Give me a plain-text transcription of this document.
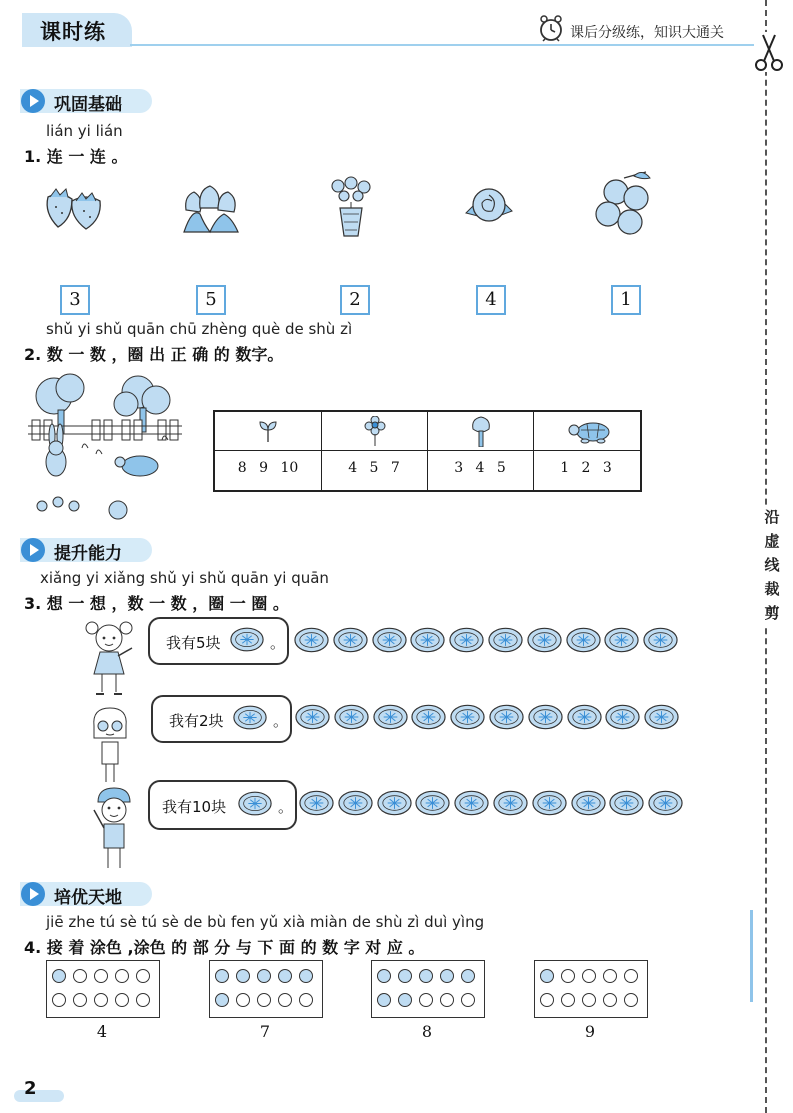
课时练	课后分级练，知识大通关
沿虚线裁剪
巩固基础
lián yi lián
1. 连 一 连 。
3	5	2	4	1
shǔ yi shǔ quān chū zhèng què de shù zì
2. 数 一 数 ，圈 出 正 确 的 数字。
8 9 10	4 5 7	3 4 5	1 2 3
提升能力
xiǎng yi xiǎng shǔ yi shǔ quān yi quān
3. 想 一 想 ，数 一 数 ，圈 一 圈 。
我有5块	。
我有2块	。
我有10块	。
培优天地
jiē zhe tú sè tú sè de bù fen yǔ xià miàn de shù zì duì yìng
4. 接 着 涂色 ,涂色 的 部 分 与 下 面 的 数 字 对 应 。
4	7	8	9
2
